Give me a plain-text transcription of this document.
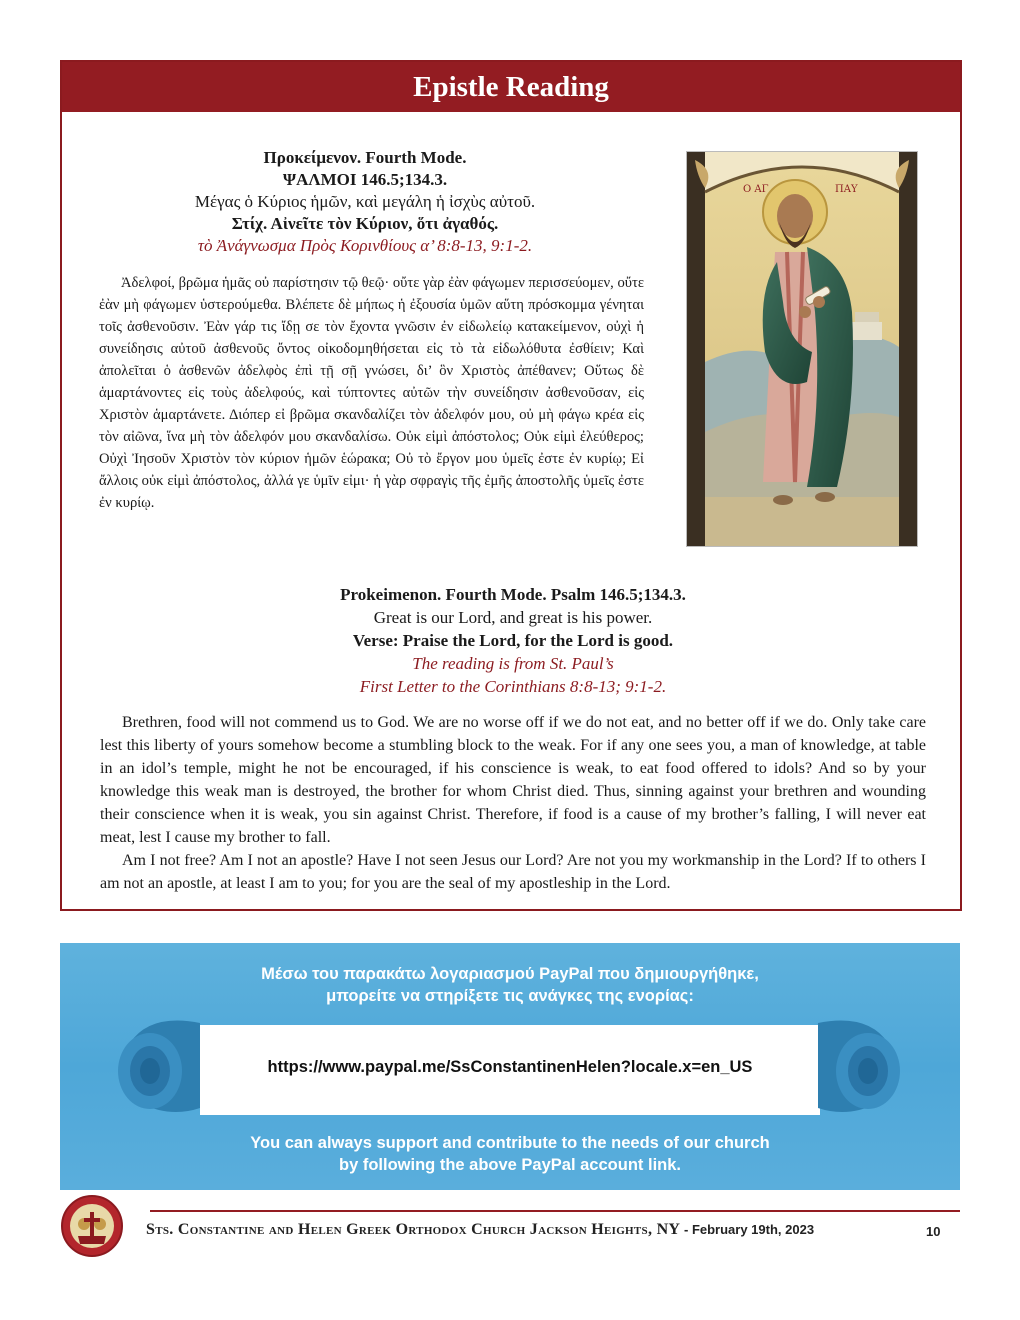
Epistle Reading
Προκείμενον. Fourth Mode.
ΨΑΛΜΟΙ 146.5;134.3.
Μέγας ὁ Κύριος ἡμῶν, καὶ μεγάλη ἡ ἰσχὺς αὐτοῦ.
Στίχ. Αἰνεῖτε τὸν Κύριον, ὅτι ἀγαθός.
τὸ Ἀνάγνωσμα Πρὸς Κορινθίους α’ 8:8-13, 9:1-2.
Ἀδελφοί, βρῶμα ἡμᾶς οὐ παρίστησιν τῷ θεῷ· οὔτε γὰρ ἐὰν φάγωμεν περισσεύομεν, οὔτε ἐὰν μὴ φάγωμεν ὑστερούμεθα. Βλέπετε δὲ μήπως ἡ ἐξουσία ὑμῶν αὕτη πρόσκομμα γένηται τοῖς ἀσθενοῦσιν. Ἐὰν γάρ τις ἴδῃ σε τὸν ἔχοντα γνῶσιν ἐν εἰδωλείῳ κατακείμενον, οὐχὶ ἡ συνείδησις αὐτοῦ ἀσθενοῦς ὄντος οἰκοδομηθήσεται εἰς τὸ τὰ εἰδωλόθυτα ἐσθίειν; Καὶ ἀπολεῖται ὁ ἀσθενῶν ἀδελφὸς ἐπὶ τῇ σῇ γνώσει, δι’ ὃν Χριστὸς ἀπέθανεν; Οὕτως δὲ ἁμαρτάνοντες εἰς τοὺς ἀδελφούς, καὶ τύπτοντες αὐτῶν τὴν συνείδησιν ἀσθενοῦσαν, εἰς Χριστὸν ἁμαρτάνετε. Διόπερ εἰ βρῶμα σκανδαλίζει τὸν ἀδελφόν μου, οὐ μὴ φάγω κρέα εἰς τὸν αἰῶνα, ἵνα μὴ τὸν ἀδελφόν μου σκανδαλίσω. Οὐκ εἰμὶ ἀπόστολος; Οὐκ εἰμὶ ἐλεύθερος; Οὐχὶ Ἰησοῦν Χριστὸν τὸν κύριον ἡμῶν ἑώρακα; Οὐ τὸ ἔργον μου ὑμεῖς ἐστε ἐν κυρίῳ; Εἰ ἄλλοις οὐκ εἰμὶ ἀπόστολος, ἀλλά γε ὑμῖν εἰμι· ἡ γὰρ σφραγὶς τῆς ἐμῆς ἀποστολῆς ὑμεῖς ἐστε ἐν κυρίῳ.
Ο ΑΓ	ΠΑΥ
Prokeimenon. Fourth Mode. Psalm 146.5;134.3.
Great is our Lord, and great is his power.
Verse: Praise the Lord, for the Lord is good.
The reading is from St. Paul’s
First Letter to the Corinthians 8:8-13; 9:1-2.

Brethren, food will not commend us to God. We are no worse off if we do not eat, and no better off if we do. Only take care lest this liberty of yours somehow become a stumbling block to the weak. For if any one sees you, a man of knowledge, at table in an idol’s temple, might he not be encouraged, if his conscience is weak, to eat food offered to idols? And so by your knowledge this weak man is destroyed, the brother for whom Christ died. Thus, sinning against your brethren and wounding their conscience when it is weak, you sin against Christ. Therefore, if food is a cause of my brother’s falling, I will never eat meat, lest I cause my brother to fall.

Am I not free? Am I not an apostle? Have I not seen Jesus our Lord? Are not you my workmanship in the Lord? If to others I am not an apostle, at least I am to you; for you are the seal of my apostleship in the Lord.

Μέσω του παρακάτω λογαριασμού PayPal που δημιουργήθηκε,
μπορείτε να στηρίξετε τις ανάγκες της ενορίας:
https://www.paypal.me/SsConstantinenHelen?locale.x=en_US
You can always support and contribute to the needs of our church
by following the above PayPal account link.
Sts. Constantine and Helen Greek Orthodox Church Jackson Heights, NY - February 19th, 2023	10
